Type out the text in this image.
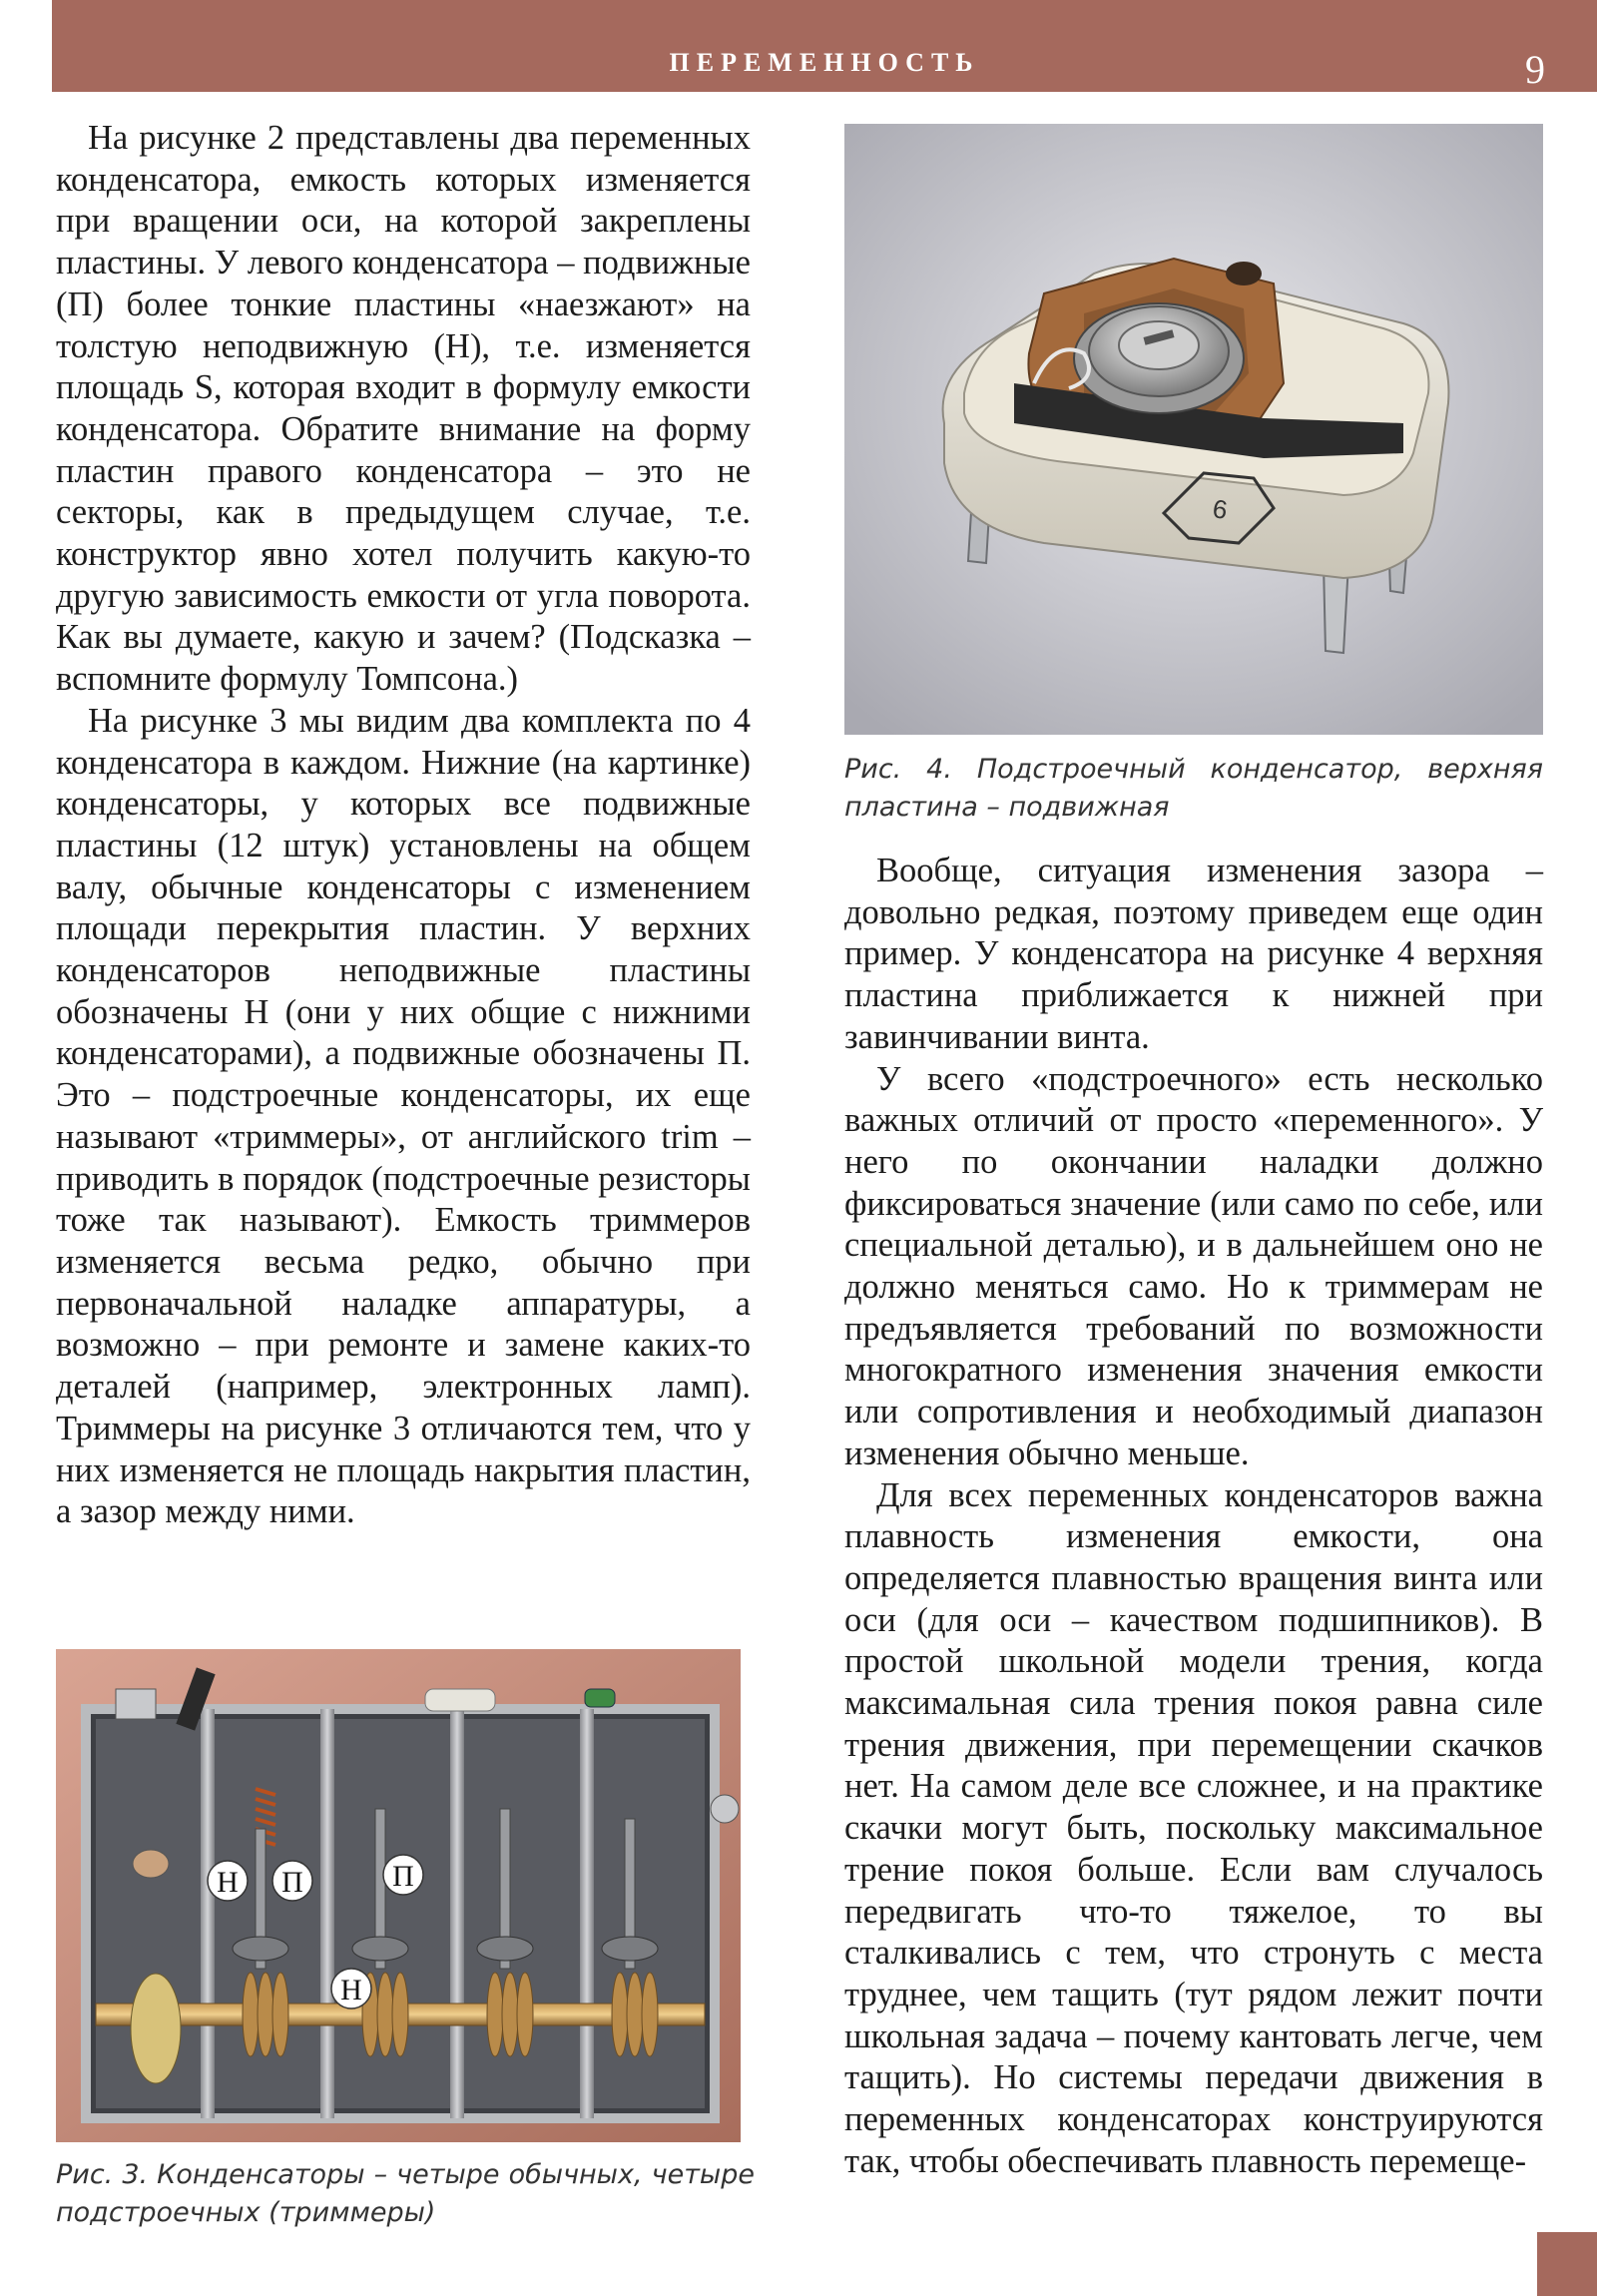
ПЕРЕМЕННОСТЬ	9

На рисунке 2 представлены два переменных конденсатора, емкость которых изменяется при вращении оси, на которой закреплены пластины. У левого конденсатора – подвижные (П) более тонкие пластины «наезжают» на толстую неподвижную (Н), т.е. изменяется площадь S, которая входит в формулу емкости конденсатора. Обратите внимание на форму пластин правого конденсатора – это не секторы, как в предыдущем случае, т.е. конструктор явно хотел получить какую-то другую зависимость емкости от угла поворота. Как вы думаете, какую и зачем? (Подсказка – вспомните формулу Томпсона.)

На рисунке 3 мы видим два комплекта по 4 конденсатора в каждом. Нижние (на картинке) конденсаторы, у которых все подвижные пластины (12 штук) установлены на общем валу, обычные конденсаторы с изменением площади перекрытия пластин. У верхних конденсаторов неподвижные пластины обозначены Н (они у них общие с нижними конденсаторами), а подвижные обозначены П. Это – подстроечные конденсаторы, их еще называют «триммеры», от английского trim – приводить в порядок (подстроечные резисторы тоже так называют). Емкость триммеров изменяется весьма редко, обычно при первоначальной наладке аппаратуры, а возможно – при ремонте и замене каких-то деталей (например, электронных ламп). Триммеры на рисунке 3 отличаются тем, что у них изменяется не площадь накрытия пластин, а зазор между ними.

6
Рис. 4. Подстроечный конденсатор, верхняя пластина – подвижная

Вообще, ситуация изменения зазора – довольно редкая, поэтому приведем еще один пример. У конденсатора на рисунке 4 верхняя пластина приближается к нижней при завинчивании винта.

У всего «подстроечного» есть несколько важных отличий от просто «переменного». У него по окончании наладки должно фиксироваться значение (или само по себе, или специальной деталью), и в дальнейшем оно не должно меняться само. Но к триммерам не предъявляется требований по возможности многократного изменения значения емкости или сопротивления и необходимый диапазон изменения обычно меньше.

Для всех переменных конденсаторов важна плавность изменения емкости, она определяется плавностью вращения винта или оси (для оси – качеством подшипников). В простой школьной модели трения, когда максимальная сила трения покоя равна силе трения движения, при перемещении скачков нет. На самом деле все сложнее, и на практике скачки могут быть, поскольку максимальное трение покоя больше. Если вам случалось передвигать что-то тяжелое, то вы сталкивались с тем, что стронуть с места труднее, чем тащить (тут рядом лежит почти школьная задача – почему кантовать легче, чем тащить). Но системы передачи движения в переменных конденсаторах конструируются так, чтобы обеспечивать плавность перемеще-

Н П	П
Н
Рис. 3. Конденсаторы – четыре обычных, четыре подстроечных (триммеры)
